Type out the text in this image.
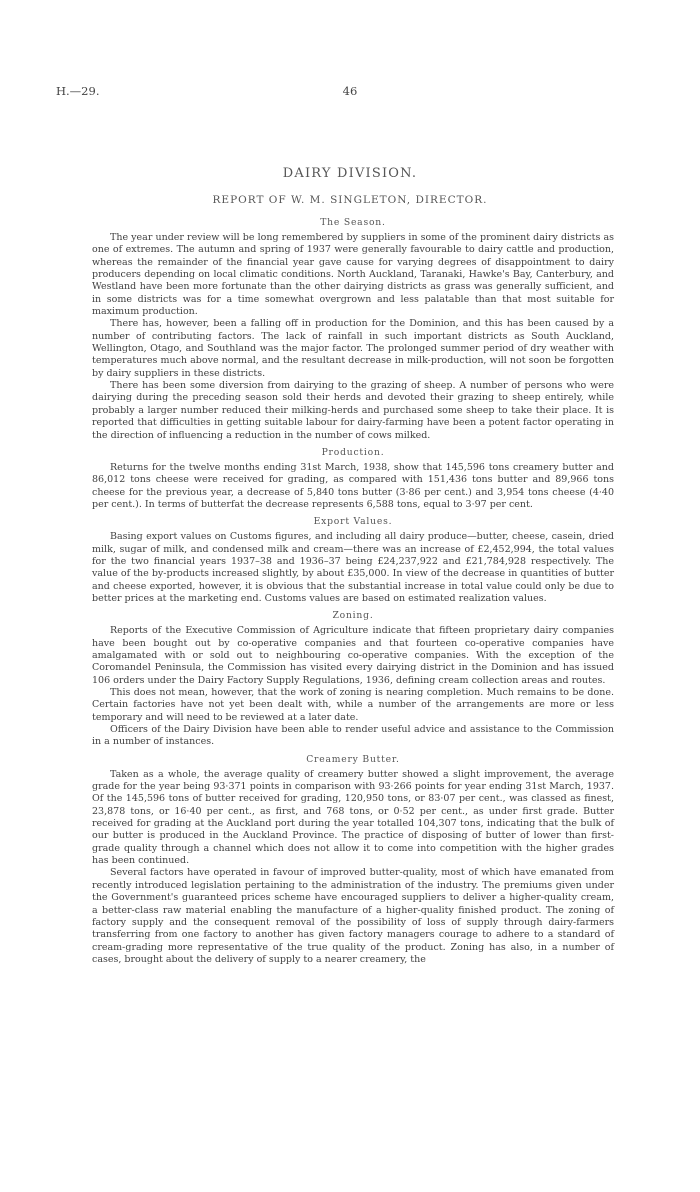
H.—29.	46
DAIRY DIVISION.
REPORT OF W. M. SINGLETON, DIRECTOR.
The Season.

The year under review will be long remembered by suppliers in some of the prominent dairy districts as one of extremes. The autumn and spring of 1937 were generally favourable to dairy cattle and production, whereas the remainder of the financial year gave cause for varying degrees of disappointment to dairy producers depending on local climatic conditions. North Auckland, Taranaki, Hawke's Bay, Canterbury, and Westland have been more fortunate than the other dairying districts as grass was generally sufficient, and in some districts was for a time somewhat overgrown and less palatable than that most suitable for maximum production.

There has, however, been a falling off in production for the Dominion, and this has been caused by a number of contributing factors. The lack of rainfall in such important districts as South Auckland, Wellington, Otago, and Southland was the major factor. The prolonged summer period of dry weather with temperatures much above normal, and the resultant decrease in milk-production, will not soon be forgotten by dairy suppliers in these districts.

There has been some diversion from dairying to the grazing of sheep. A number of persons who were dairying during the preceding season sold their herds and devoted their grazing to sheep entirely, while probably a larger number reduced their milking-herds and purchased some sheep to take their place. It is reported that difficulties in getting suitable labour for dairy-farming have been a potent factor operating in the direction of influencing a reduction in the number of cows milked.

Production.

Returns for the twelve months ending 31st March, 1938, show that 145,596 tons creamery butter and 86,012 tons cheese were received for grading, as compared with 151,436 tons butter and 89,966 tons cheese for the previous year, a decrease of 5,840 tons butter (3·86 per cent.) and 3,954 tons cheese (4·40 per cent.). In terms of butterfat the decrease represents 6,588 tons, equal to 3·97 per cent.

Export Values.

Basing export values on Customs figures, and including all dairy produce—butter, cheese, casein, dried milk, sugar of milk, and condensed milk and cream—there was an increase of £2,452,994, the total values for the two financial years 1937–38 and 1936–37 being £24,237,922 and £21,784,928 respectively. The value of the by-products increased slightly, by about £35,000. In view of the decrease in quantities of butter and cheese exported, however, it is obvious that the substantial increase in total value could only be due to better prices at the marketing end. Customs values are based on estimated realization values.

Zoning.

Reports of the Executive Commission of Agriculture indicate that fifteen proprietary dairy companies have been bought out by co-operative companies and that fourteen co-operative companies have amalgamated with or sold out to neighbouring co-operative companies. With the exception of the Coromandel Peninsula, the Commission has visited every dairying district in the Dominion and has issued 106 orders under the Dairy Factory Supply Regulations, 1936, defining cream collection areas and routes.

This does not mean, however, that the work of zoning is nearing completion. Much remains to be done. Certain factories have not yet been dealt with, while a number of the arrangements are more or less temporary and will need to be reviewed at a later date.

Officers of the Dairy Division have been able to render useful advice and assistance to the Commission in a number of instances.

Creamery Butter.

Taken as a whole, the average quality of creamery butter showed a slight improvement, the average grade for the year being 93·371 points in comparison with 93·266 points for year ending 31st March, 1937. Of the 145,596 tons of butter received for grading, 120,950 tons, or 83·07 per cent., was classed as finest, 23,878 tons, or 16·40 per cent., as first, and 768 tons, or 0·52 per cent., as under first grade. Butter received for grading at the Auckland port during the year totalled 104,307 tons, indicating that the bulk of our butter is produced in the Auckland Province. The practice of disposing of butter of lower than first-grade quality through a channel which does not allow it to come into competition with the higher grades has been continued.

Several factors have operated in favour of improved butter-quality, most of which have emanated from recently introduced legislation pertaining to the administration of the industry. The premiums given under the Government's guaranteed prices scheme have encouraged suppliers to deliver a higher-quality cream, a better-class raw material enabling the manufacture of a higher-quality finished product. The zoning of factory supply and the consequent removal of the possibility of loss of supply through dairy-farmers transferring from one factory to another has given factory managers courage to adhere to a standard of cream-grading more representative of the true quality of the product. Zoning has also, in a number of cases, brought about the delivery of supply to a nearer creamery, the
